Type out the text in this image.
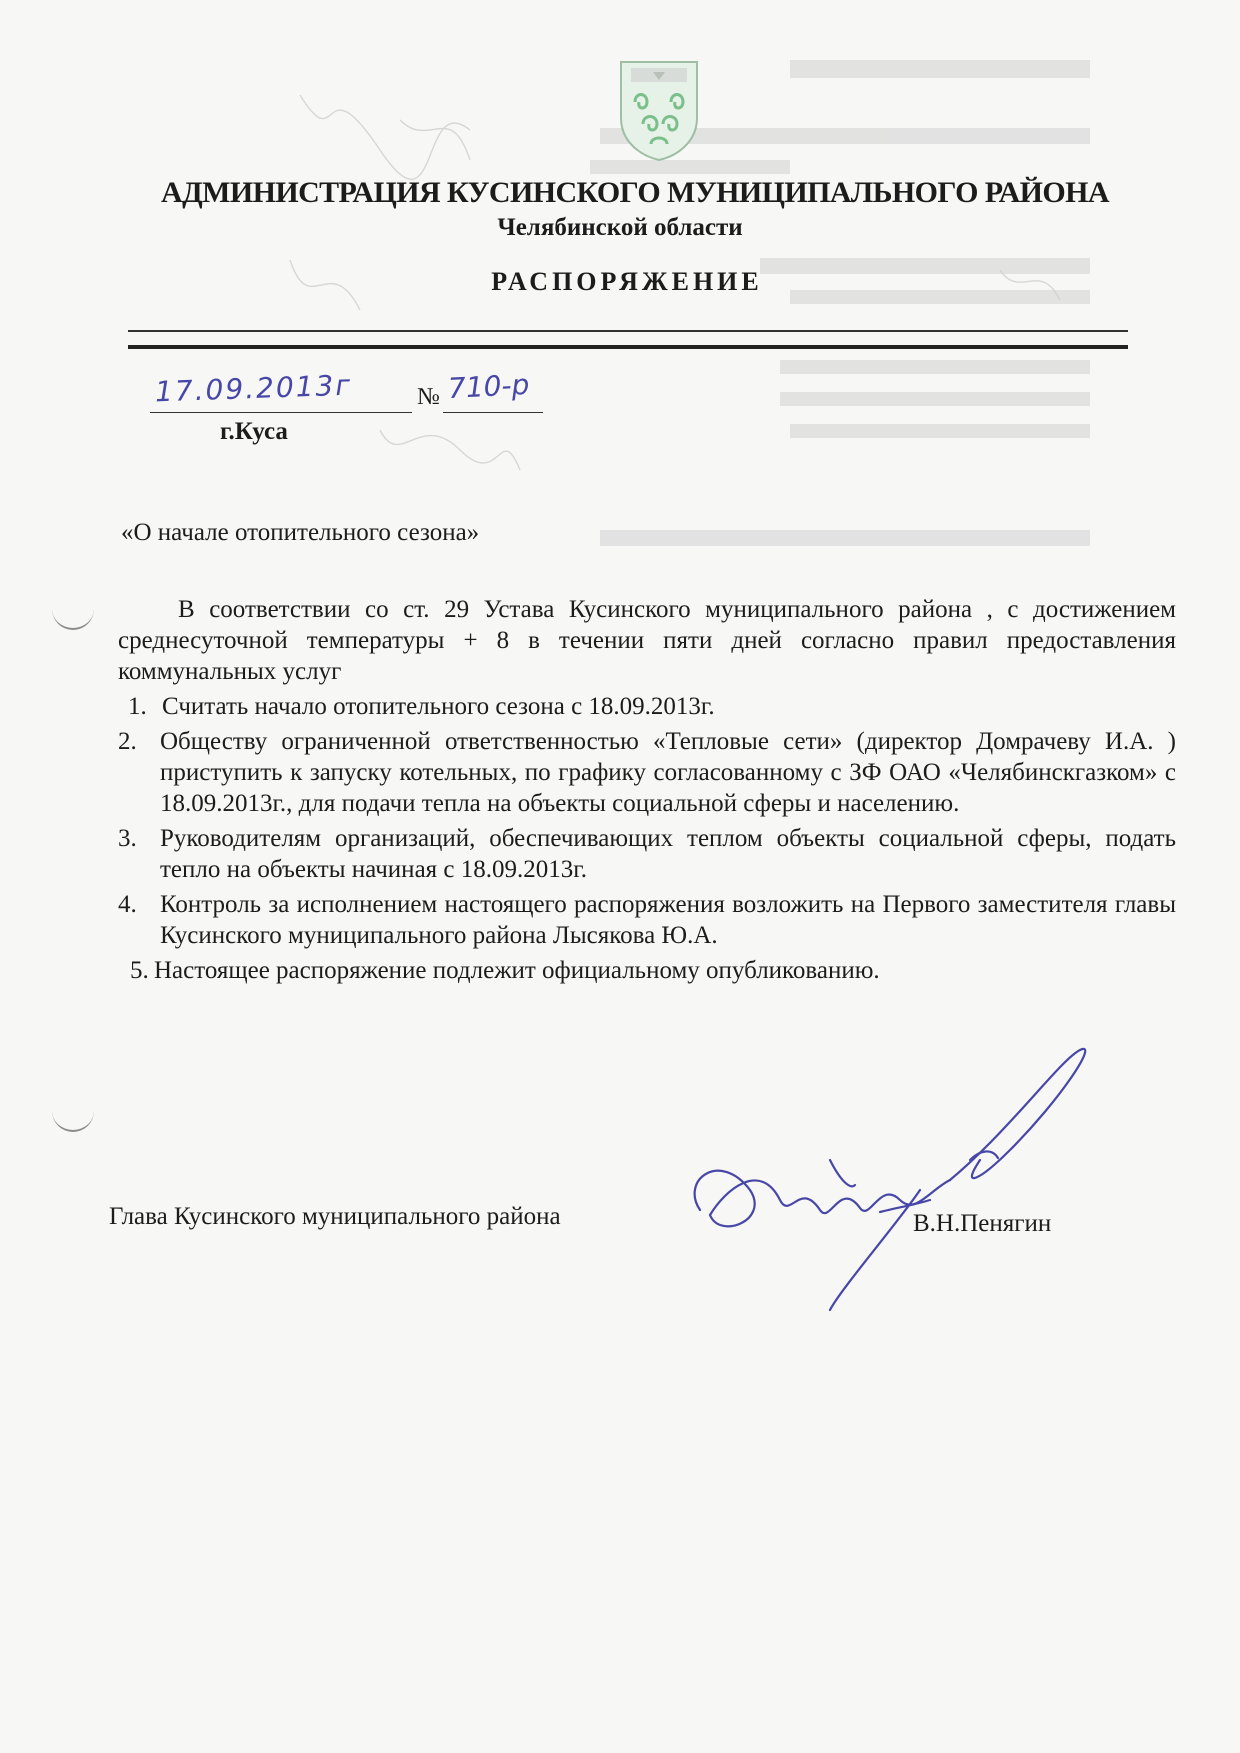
АДМИНИСТРАЦИЯ КУСИНСКОГО МУНИЦИПАЛЬНОГО РАЙОНА
Челябинской области
РАСПОРЯЖЕНИЕ
17.09.2013г	№ 710-р
г.Куса
«О начале отопительного сезона»

В соответствии со ст. 29 Устава Кусинского муниципального района , с достижением среднесуточной температуры + 8 в течении пяти дней согласно правил предоставления коммунальных услуг

1. Считать начало отопительного сезона с 18.09.2013г.
2. Обществу ограниченной ответственностью «Тепловые сети» (директор Домрачеву И.А. ) приступить к запуску котельных, по графику согласованному с ЗФ ОАО «Челябинскгазком» с 18.09.2013г., для подачи тепла на объекты социальной сферы и населению.
3. Руководителям организаций, обеспечивающих теплом объекты социальной сферы, подать тепло на объекты начиная с 18.09.2013г.
4. Контроль за исполнением настоящего распоряжения возложить на Первого заместителя главы Кусинского муниципального района Лысякова Ю.А.
5. Настоящее распоряжение подлежит официальному опубликованию.
Глава Кусинского муниципального района	В.Н.Пенягин
